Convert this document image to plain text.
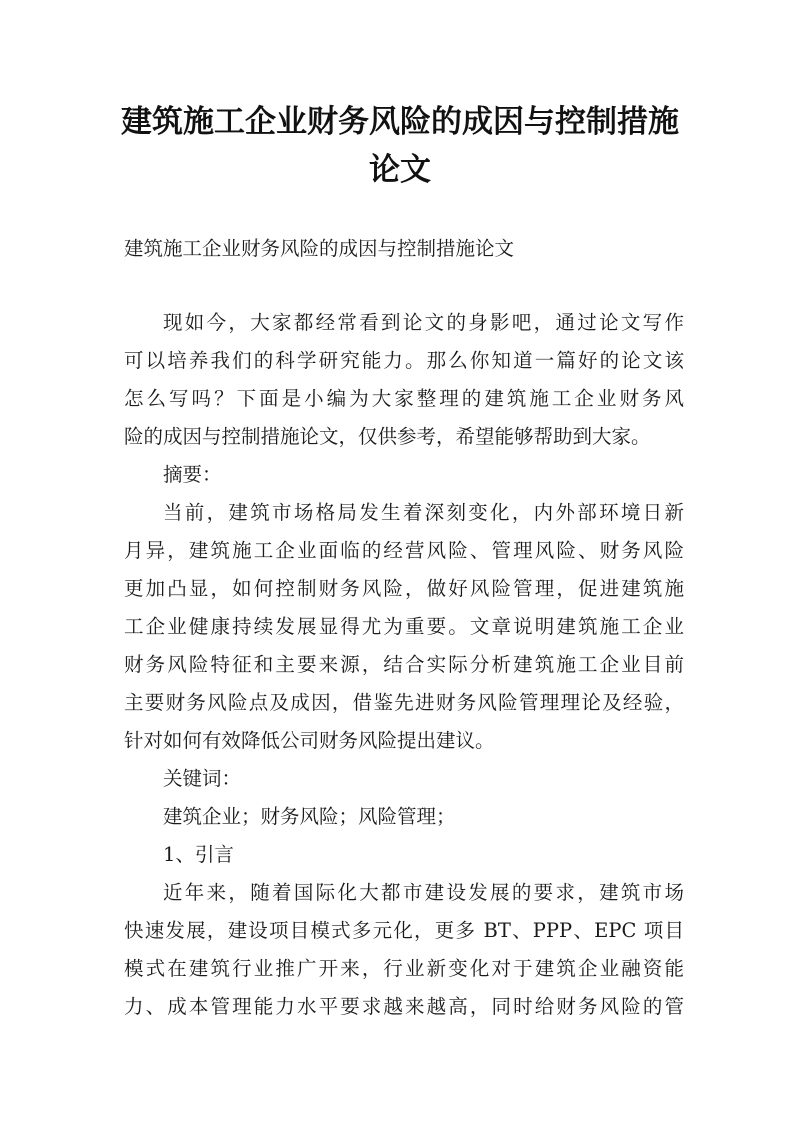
建筑施工企业财务风险的成因与控制措施
论文

建筑施工企业财务风险的成因与控制措施论文

现如今，大家都经常看到论文的身影吧，通过论文写作
可以培养我们的科学研究能力。那么你知道一篇好的论文该
怎么写吗？下面是小编为大家整理的建筑施工企业财务风
险的成因与控制措施论文，仅供参考，希望能够帮助到大家。

摘要：

当前，建筑市场格局发生着深刻变化，内外部环境日新
月异，建筑施工企业面临的经营风险、管理风险、财务风险
更加凸显，如何控制财务风险，做好风险管理，促进建筑施
工企业健康持续发展显得尤为重要。文章说明建筑施工企业
财务风险特征和主要来源，结合实际分析建筑施工企业目前
主要财务风险点及成因，借鉴先进财务风险管理理论及经验，
针对如何有效降低公司财务风险提出建议。

关键词：

建筑企业；财务风险；风险管理；

1、引言

近年来，随着国际化大都市建设发展的要求，建筑市场
快速发展，建设项目模式多元化，更多 BT、PPP、EPC 项目
模式在建筑行业推广开来，行业新变化对于建筑企业融资能
力、成本管理能力水平要求越来越高，同时给财务风险的管
